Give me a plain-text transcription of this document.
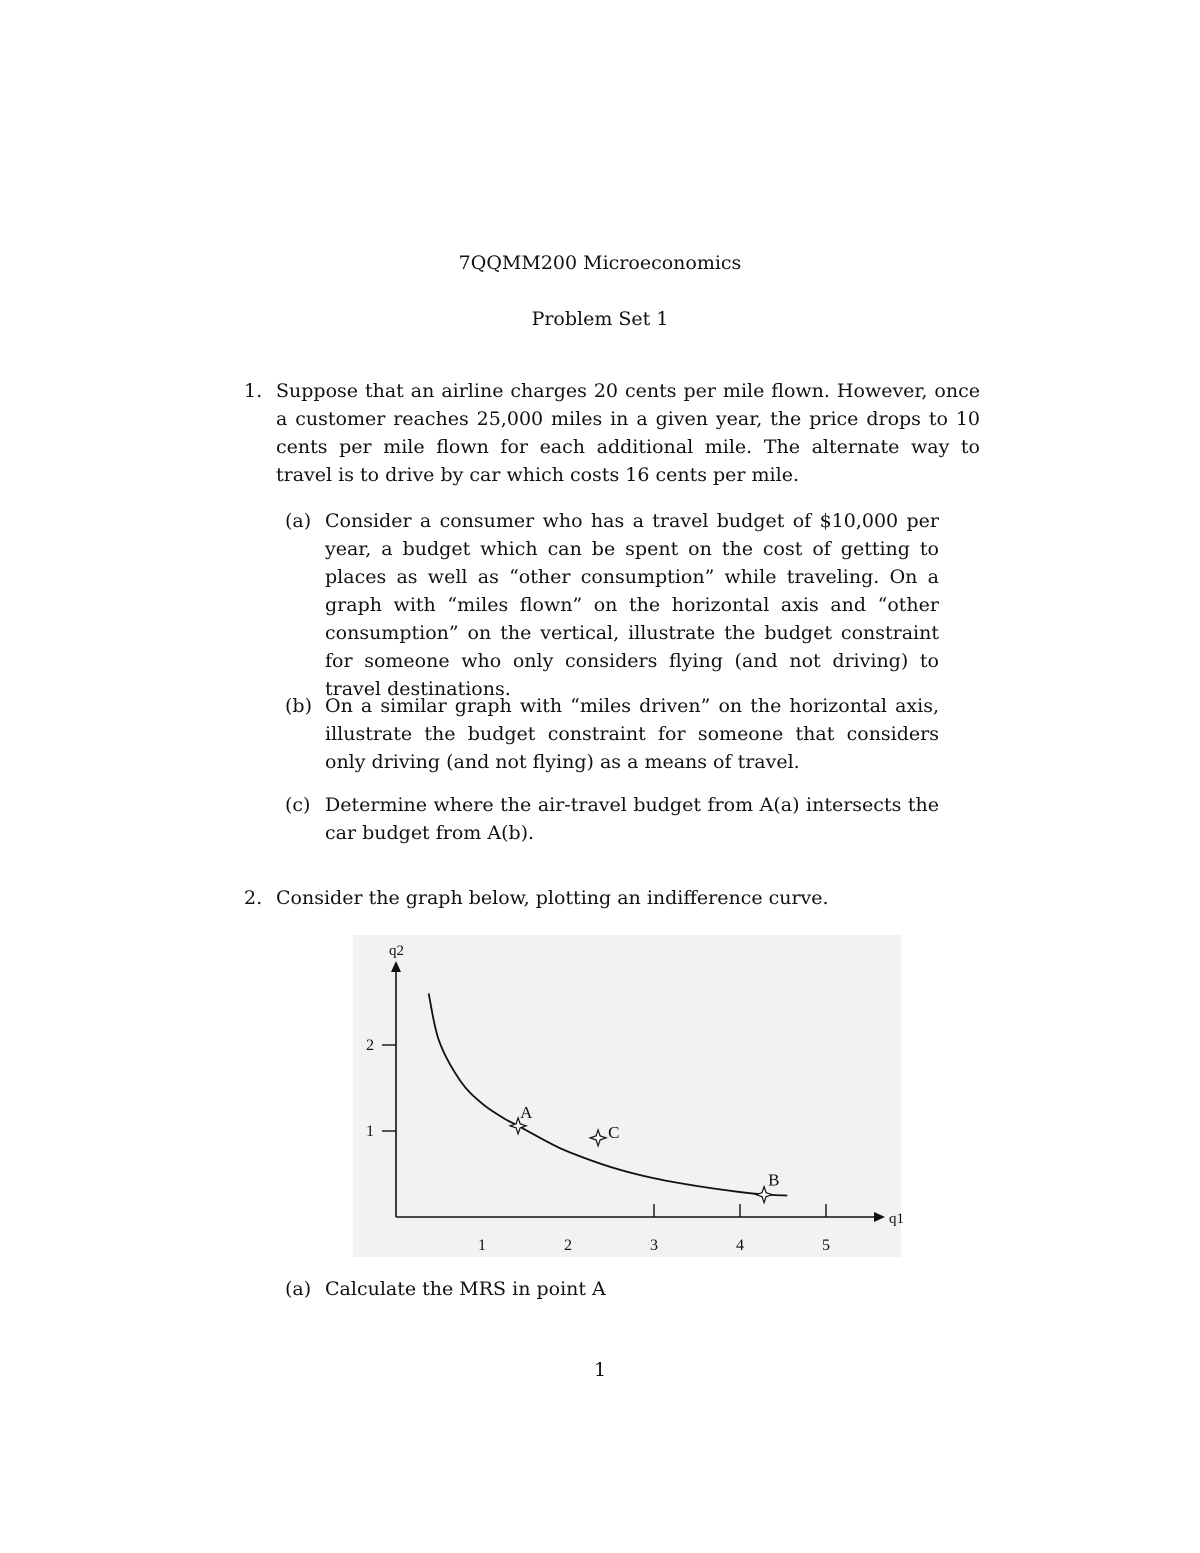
7QQMM200 Microeconomics
Problem Set 1
1. Suppose that an airline charges 20 cents per mile flown. However, once a customer reaches 25,000 miles in a given year, the price drops to 10 cents per mile flown for each additional mile. The alternate way to travel is to drive by car which costs 16 cents per mile.
(a) Consider a consumer who has a travel budget of $10,000 per year, a budget which can be spent on the cost of getting to places as well as “other consumption” while traveling. On a graph with “miles flown” on the horizontal axis and “other consumption” on the vertical, illustrate the budget constraint for someone who only considers flying (and not driving) to travel destinations.
(b) On a similar graph with “miles driven” on the horizontal axis, illustrate the budget constraint for someone that considers only driving (and not flying) as a means of travel.
(c) Determine where the air-travel budget from A(a) intersects the car budget from A(b).
2. Consider the graph below, plotting an indifference curve.
q1
q2
1	2	3	4	5
1
2
A
C
B
(a) Calculate the MRS in point A
1
